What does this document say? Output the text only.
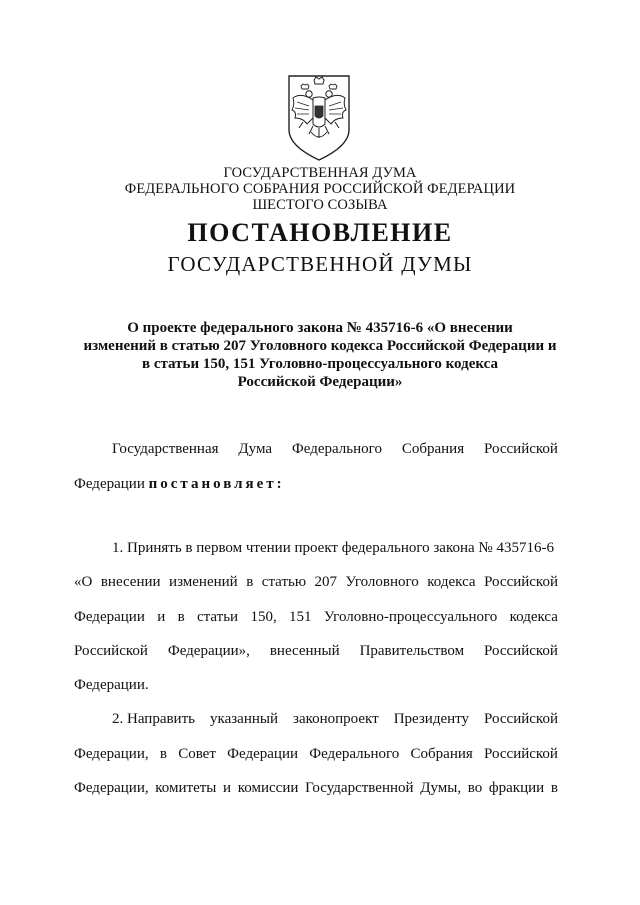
ГОСУДАРСТВЕННАЯ ДУМА
ФЕДЕРАЛЬНОГО СОБРАНИЯ РОССИЙСКОЙ ФЕДЕРАЦИИ
ШЕСТОГО СОЗЫВА
ПОСТАНОВЛЕНИЕ
ГОСУДАРСТВЕННОЙ ДУМЫ
О проекте федерального закона № 435716-6 «О внесении
изменений в статью 207 Уголовного кодекса Российской Федерации и
в статьи 150, 151 Уголовно-процессуального кодекса
Российской Федерации»
Государственная Дума Федерального Собрания Российской
Федерации постановляет:
1. Принять в первом чтении проект федерального закона № 435716-6
«О внесении изменений в статью 207 Уголовного кодекса Российской
Федерации и в статьи 150, 151 Уголовно-процессуального кодекса
Российской Федерации», внесенный Правительством Российской
Федерации.
2. Направить указанный законопроект Президенту Российской
Федерации, в Совет Федерации Федерального Собрания Российской
Федерации, комитеты и комиссии Государственной Думы, во фракции в
